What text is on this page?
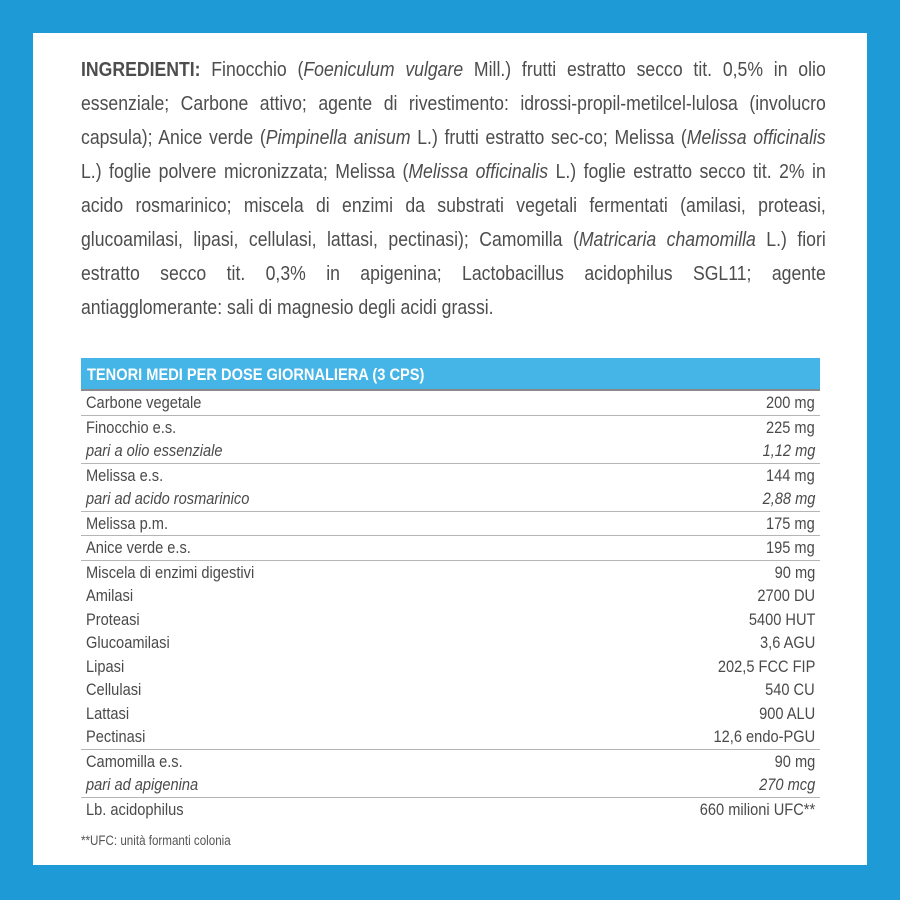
INGREDIENTI: Finocchio (Foeniculum vulgare Mill.) frutti estratto secco tit. 0,5% in olio essenziale; Carbone attivo; agente di rivestimento: idrossi-propil-metilcel-lulosa (involucro capsula); Anice verde (Pimpinella anisum L.) frutti estratto sec-co; Melissa (Melissa officinalis L.) foglie polvere micronizzata; Melissa (Melissa officinalis L.) foglie estratto secco tit. 2% in acido rosmarinico; miscela di enzimi da substrati vegetali fermentati (amilasi, proteasi, glucoamilasi, lipasi, cellulasi, lattasi, pectinasi); Camomilla (Matricaria chamomilla L.) fiori estratto secco tit. 0,3% in apigenina; Lactobacillus acidophilus SGL11; agente antiagglomerante: sali di magnesio degli acidi grassi.
TENORI MEDI PER DOSE GIORNALIERA (3 CPS)
Carbone vegetale	200 mg
Finocchio e.s.	225 mg
pari a olio essenziale	1,12 mg
Melissa e.s.	144 mg
pari ad acido rosmarinico	2,88 mg
Melissa p.m.	175 mg
Anice verde e.s.	195 mg
Miscela di enzimi digestivi	90 mg
Amilasi	2700 DU
Proteasi	5400 HUT
Glucoamilasi	3,6 AGU
Lipasi	202,5 FCC FIP
Cellulasi	540 CU
Lattasi	900 ALU
Pectinasi	12,6 endo-PGU
Camomilla e.s.	90 mg
pari ad apigenina	270 mcg
Lb. acidophilus	660 milioni UFC**
**UFC: unità formanti colonia
